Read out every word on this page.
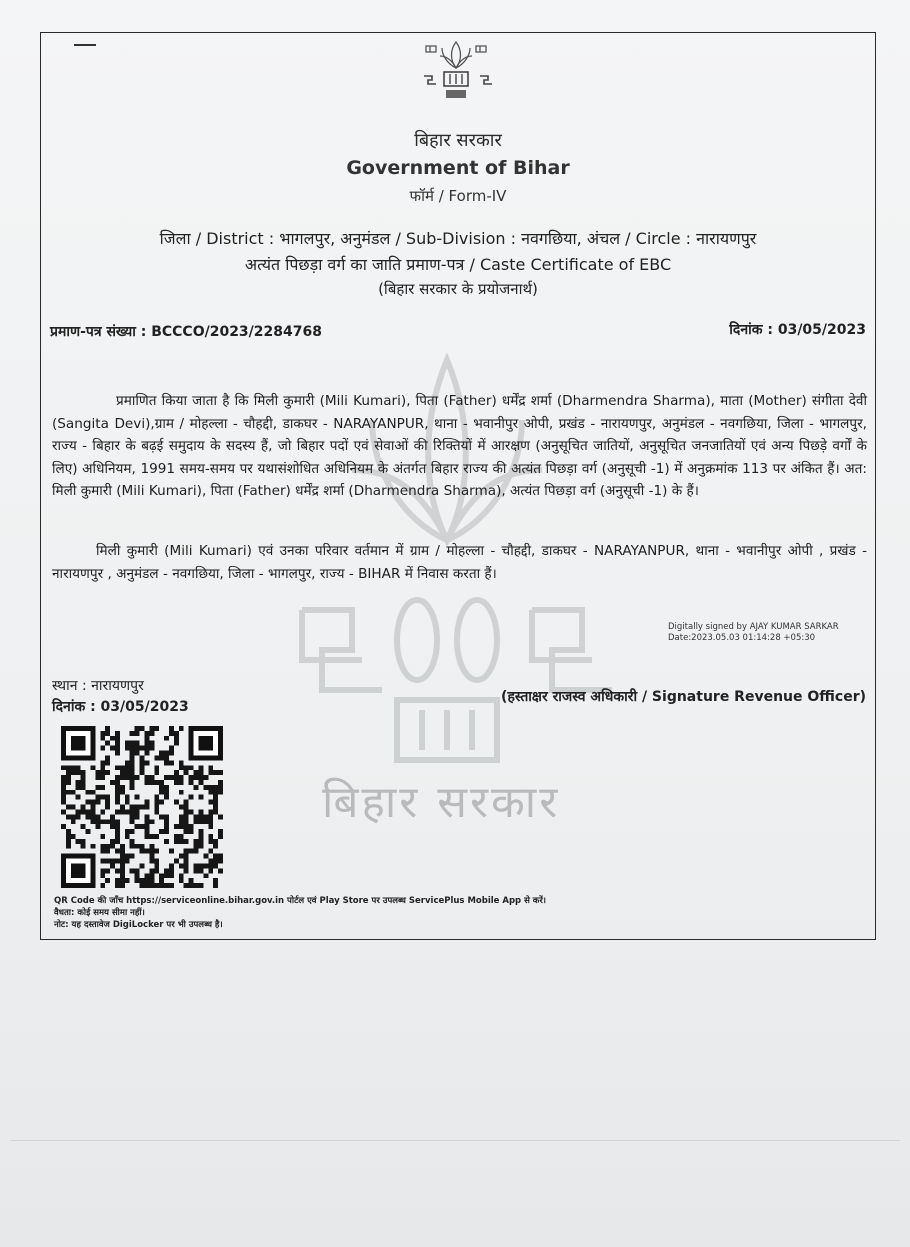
बिहार सरकार
बिहार सरकार
Government of Bihar
फॉर्म / Form-IV
जिला / District : भागलपुर, अनुमंडल / Sub-Division : नवगछिया, अंचल / Circle : नारायणपुर
अत्यंत पिछड़ा वर्ग का जाति प्रमाण-पत्र / Caste Certificate of EBC
(बिहार सरकार के प्रयोजनार्थ)
प्रमाण-पत्र संख्या : BCCCO/2023/2284768	दिनांक : 03/05/2023
प्रमाणित किया जाता है कि मिली कुमारी (Mili Kumari), पिता (Father) धर्मेंद्र शर्मा (Dharmendra Sharma), माता (Mother) संगीता देवी (Sangita Devi),ग्राम / मोहल्ला - चौहद्दी, डाकघर - NARAYANPUR, थाना - भवानीपुर ओपी, प्रखंड - नारायणपुर, अनुमंडल - नवगछिया, जिला - भागलपुर, राज्य - बिहार के बढ़ई समुदाय के सदस्य हैं, जो बिहार पदों एवं सेवाओं की रिक्तियों में आरक्षण (अनुसूचित जातियों, अनुसूचित जनजातियों एवं अन्य पिछड़े वर्गों के लिए) अधिनियम, 1991 समय-समय पर यथासंशोधित अधिनियम के अंतर्गत बिहार राज्य की अत्यंत पिछड़ा वर्ग (अनुसूची -1) में अनुक्रमांक 113 पर अंकित हैं। अत: मिली कुमारी (Mili Kumari), पिता (Father) धर्मेंद्र शर्मा (Dharmendra Sharma), अत्यंत पिछड़ा वर्ग (अनुसूची -1) के हैं।
मिली कुमारी (Mili Kumari) एवं उनका परिवार वर्तमान में ग्राम / मोहल्ला - चौहद्दी, डाकघर - NARAYANPUR, थाना - भवानीपुर ओपी , प्रखंड - नारायणपुर , अनुमंडल - नवगछिया, जिला - भागलपुर, राज्य - BIHAR में निवास करता हैं।
Digitally signed by AJAY KUMAR SARKAR
Date:2023.05.03 01:14:28 +05:30
स्थान : नारायणपुर
दिनांक : 03/05/2023
(हस्ताक्षर राजस्व अधिकारी / Signature Revenue Officer)
QR Code की जाँच https://serviceonline.bihar.gov.in पोर्टल एवं Play Store पर उपलब्ध ServicePlus Mobile App से करें।
वैधता: कोई समय सीमा नहीं।
नोट: यह दस्तावेज DigiLocker पर भी उपलब्ध है।
